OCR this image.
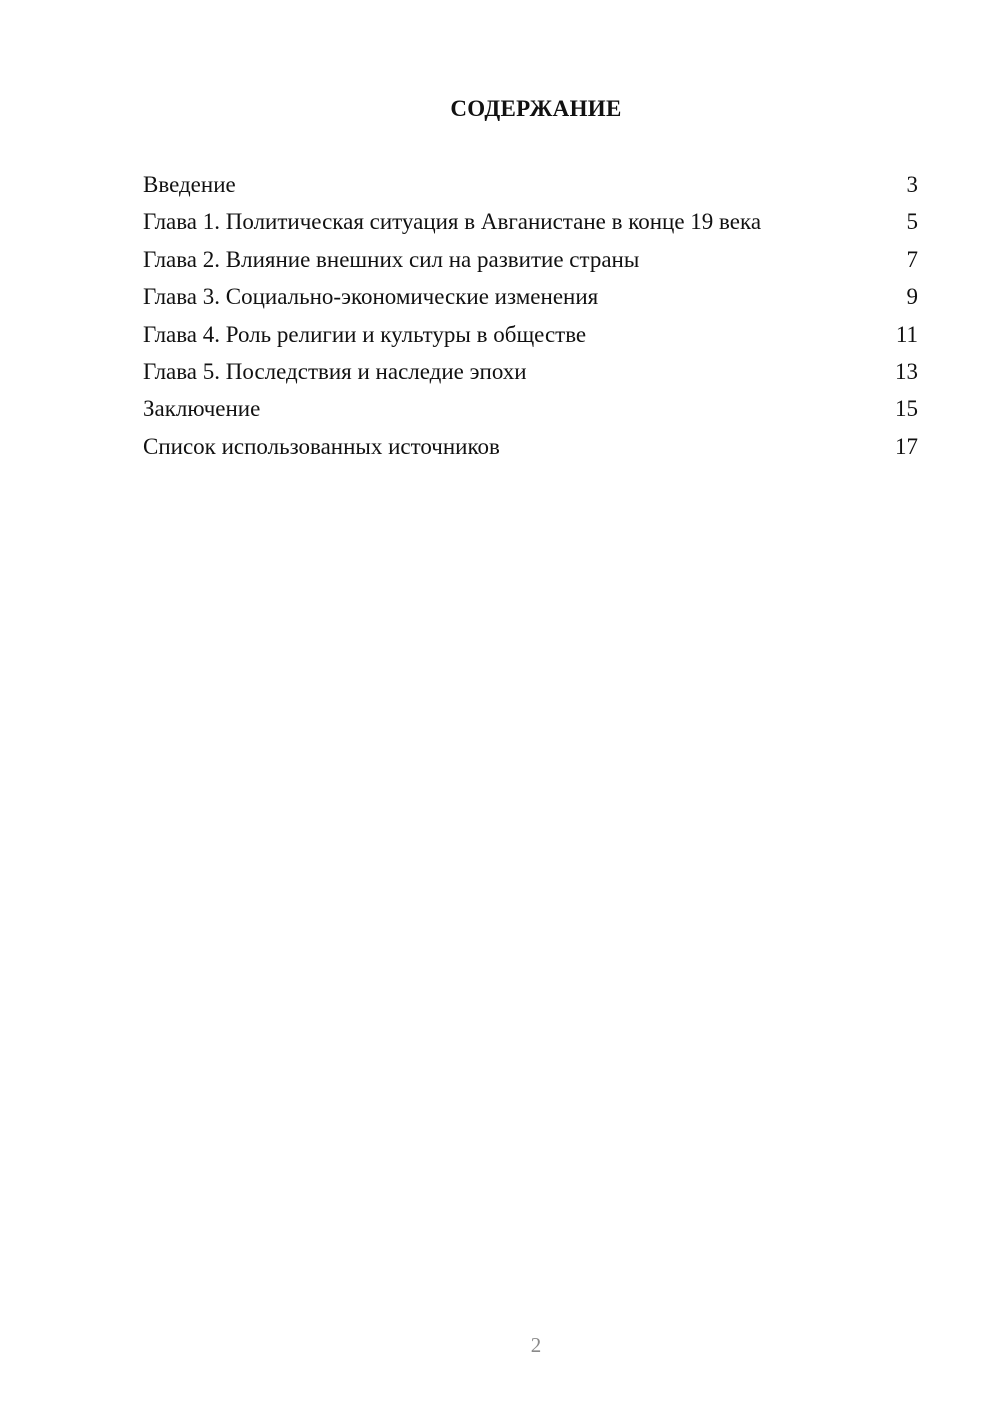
СОДЕРЖАНИЕ
Введение	3
Глава 1. Политическая ситуация в Авганистане в конце 19 века	5
Глава 2. Влияние внешних сил на развитие страны	7
Глава 3. Социально-экономические изменения	9
Глава 4. Роль религии и культуры в обществе	11
Глава 5. Последствия и наследие эпохи	13
Заключение	15
Список использованных источников	17
2
